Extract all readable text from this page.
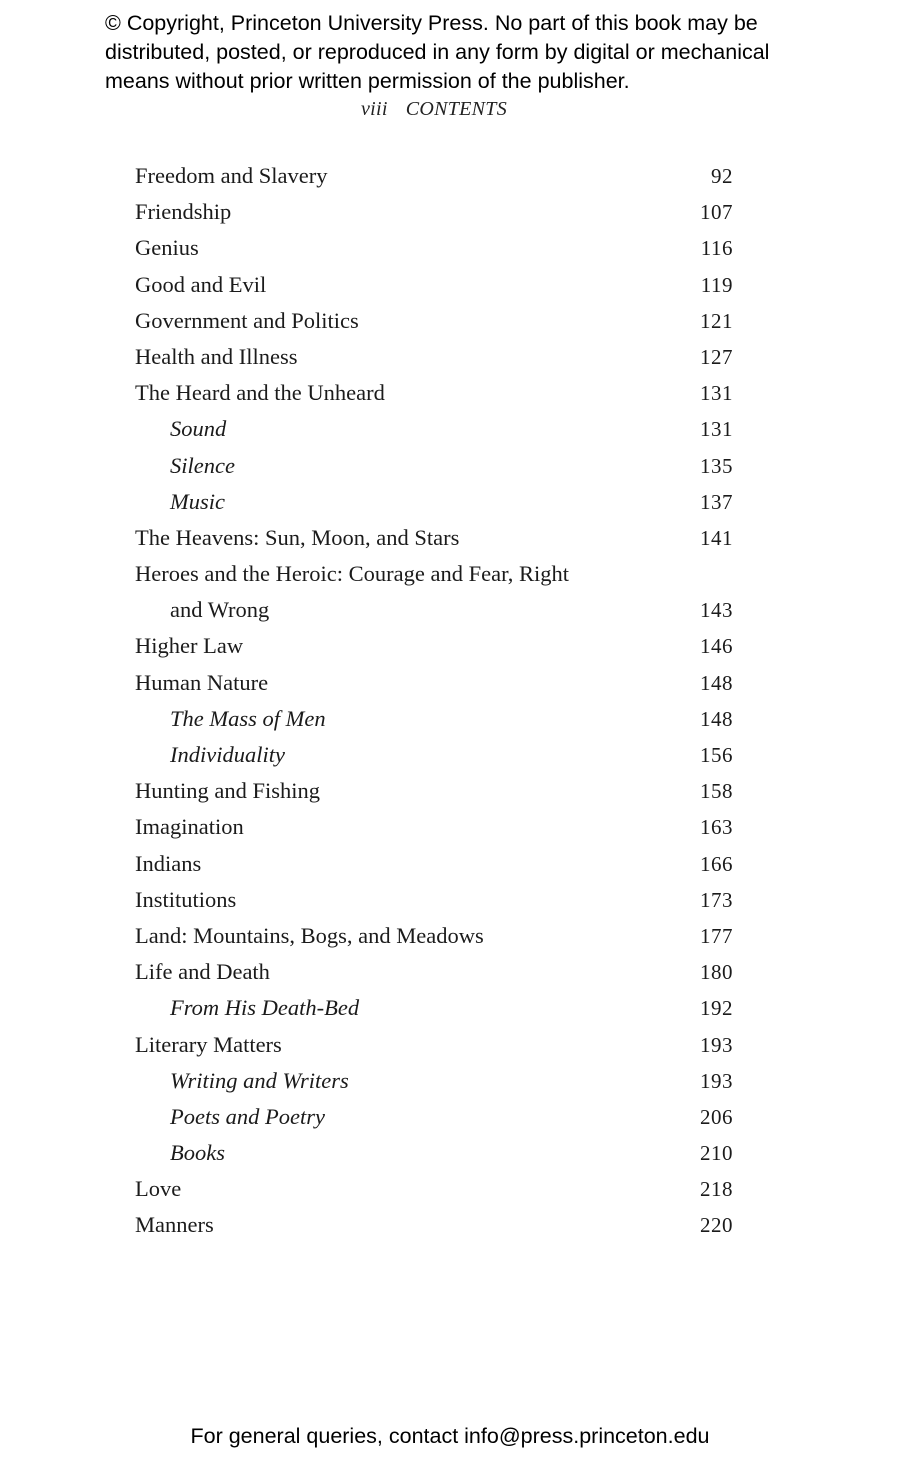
© Copyright, Princeton University Press. No part of this book may be
distributed, posted, or reproduced in any form by digital or mechanical
means without prior written permission of the publisher.
viii CONTENTS
Freedom and Slavery	92
Friendship	107
Genius	116
Good and Evil	119
Government and Politics	121
Health and Illness	127
The Heard and the Unheard	131
Sound	131
Silence	135
Music	137
The Heavens: Sun, Moon, and Stars	141
Heroes and the Heroic: Courage and Fear, Right
and Wrong	143
Higher Law	146
Human Nature	148
The Mass of Men	148
Individuality	156
Hunting and Fishing	158
Imagination	163
Indians	166
Institutions	173
Land: Mountains, Bogs, and Meadows	177
Life and Death	180
From His Death-Bed	192
Literary Matters	193
Writing and Writers	193
Poets and Poetry	206
Books	210
Love	218
Manners	220
For general queries, contact info@press.princeton.edu
